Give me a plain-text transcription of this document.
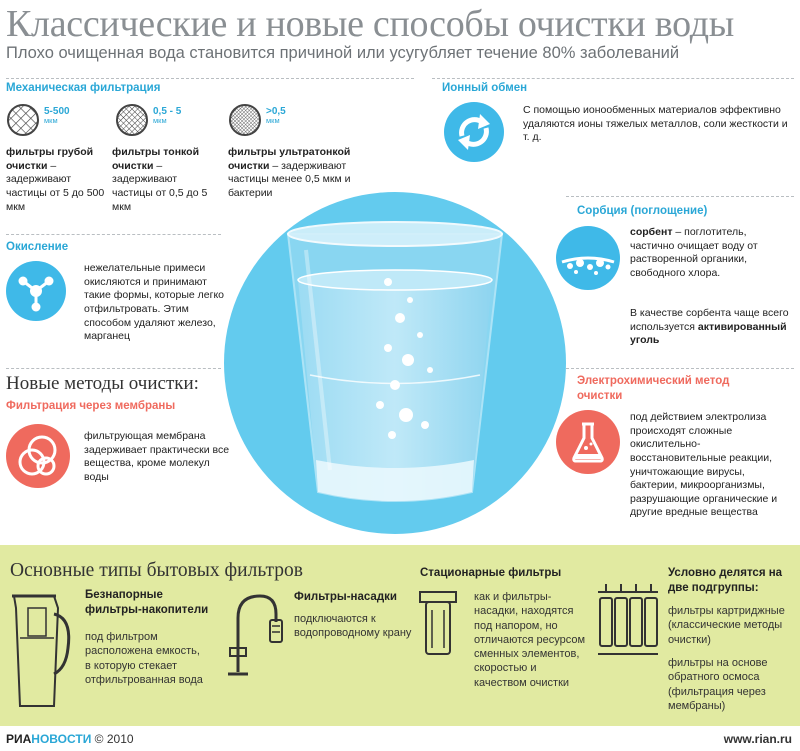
Классические и новые способы очистки воды
Плохо очищенная вода становится причиной или усугубляет течение 80% заболеваний
Механическая фильтрация
5-500
мкм
фильтры грубой очистки – задерживают частицы от 5 до 500 мкм
0,5 - 5
мкм
фильтры тонкой очистки – задерживают частицы от 0,5 до 5 мкм
>0,5
мкм
фильтры ультратонкой очистки – задерживают частицы менее 0,5 мкм и бактерии
Ионный обмен
С помощью ионообменных материалов эффективно удаляются ионы тяжелых металлов, соли жесткости и т. д.
Окисление
нежелательные примеси окисляются и принимают такие формы, которые легко отфильтровать. Этим способом удаляют железо, марганец
Сорбция (поглощение)
сорбент – поглотитель, частично очищает воду от растворенной органики, свободного хлора.
В качестве сорбента чаще всего используется активированный уголь
Новые методы очистки:
Фильтрация через мембраны
фильтрующая мембрана задерживает практически все вещества, кроме молекул воды
Электрохимический метод очистки
под действием электролиза происходят сложные окислительно-восстановительные реакции, уничтожающие вирусы, бактерии, микроорганизмы, разрушающие органические и другие вредные вещества
Основные типы бытовых фильтров
Безнапорные фильтры-накопители
под фильтром расположена емкость, в которую стекает отфильтрованная вода
Фильтры-насадки
подключаются к водопроводному крану
Стационарные фильтры
как и фильтры-насадки, находятся под напором, но отличаются ресурсом сменных элементов, скоростью и качеством очистки
Условно делятся на две подгруппы:
фильтры картриджные (классические методы очистки)
фильтры на основе обратного осмоса (фильтрация через мембраны)
РИАНОВОСТИ © 2010	www.rian.ru
